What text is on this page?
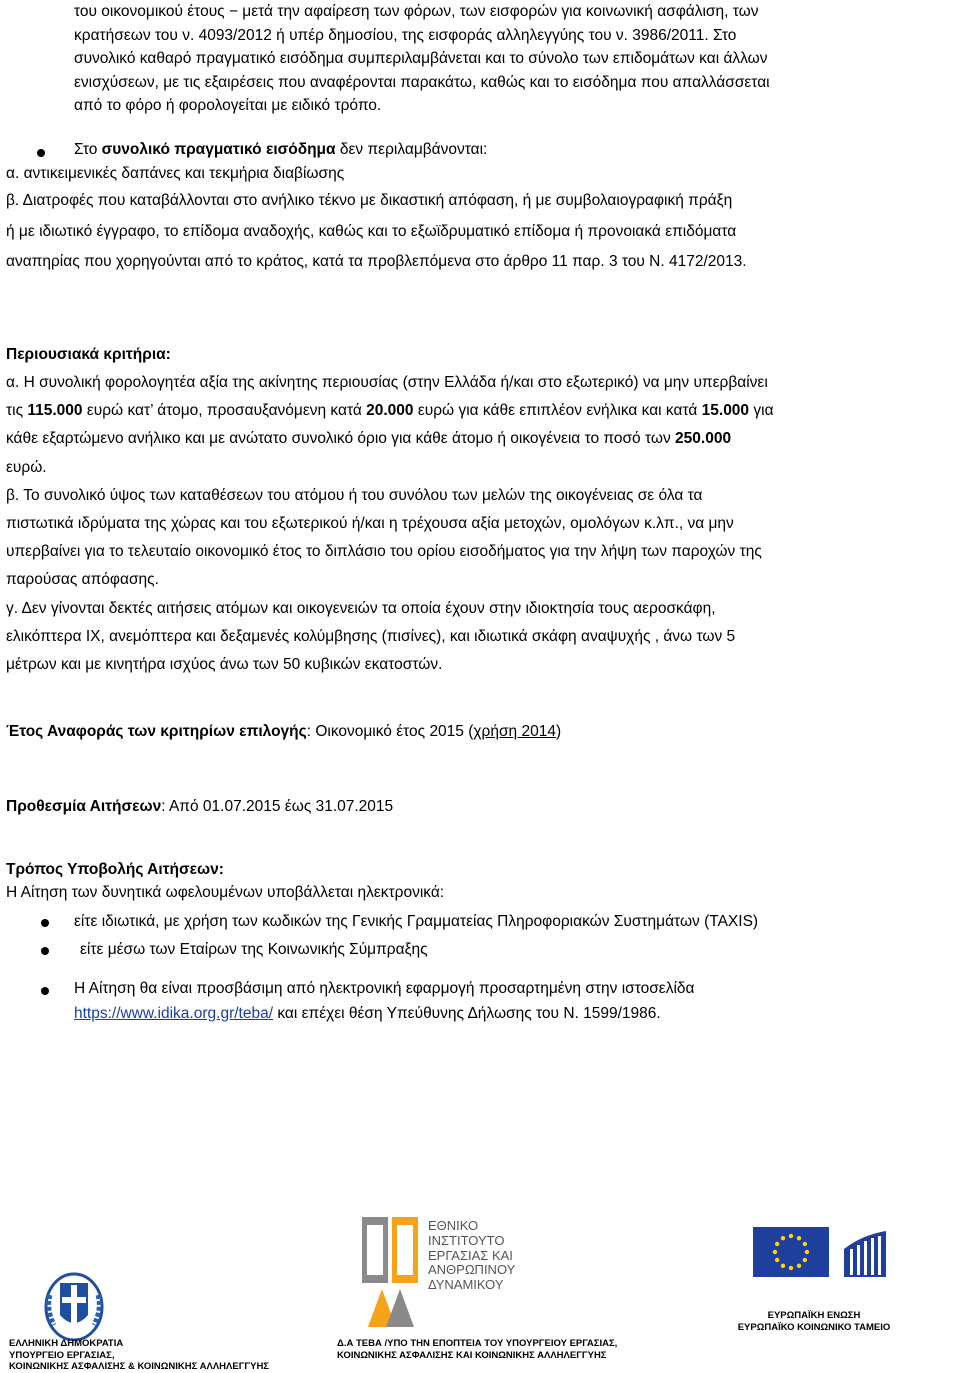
του οικονομικού έτους − μετά την αφαίρεση των φόρων, των εισφορών για κοινωνική ασφάλιση, των
κρατήσεων του ν. 4093/2012 ή υπέρ δημοσίου, της εισφοράς αλληλεγγύης του ν. 3986/2011. Στο
συνολικό καθαρό πραγματικό εισόδημα συμπεριλαμβάνεται και το σύνολο των επιδομάτων και άλλων
ενισχύσεων, με τις εξαιρέσεις που αναφέρονται παρακάτω, καθώς και το εισόδημα που απαλλάσσεται
από το φόρο ή φορολογείται με ειδικό τρόπο.
Στο συνολικό πραγματικό εισόδημα δεν περιλαμβάνονται:
α. αντικειμενικές δαπάνες και τεκμήρια διαβίωσης
β. Διατροφές που καταβάλλονται στο ανήλικο τέκνο με δικαστική απόφαση, ή με συμβολαιογραφική πράξη
ή με ιδιωτικό έγγραφο, το επίδομα αναδοχής, καθώς και το εξωϊδρυματικό επίδομα ή προνοιακά επιδόματα
αναπηρίας που χορηγούνται από το κράτος, κατά τα προβλεπόμενα στο άρθρο 11 παρ. 3 του Ν. 4172/2013.
Περιουσιακά κριτήρια:
α. Η συνολική φορολογητέα αξία της ακίνητης περιουσίας (στην Ελλάδα ή/και στο εξωτερικό) να μην υπερβαίνει
τις 115.000 ευρώ κατ’ άτομο, προσαυξανόμενη κατά 20.000 ευρώ για κάθε επιπλέον ενήλικα και κατά 15.000 για
κάθε εξαρτώμενο ανήλικο και με ανώτατο συνολικό όριο για κάθε άτομο ή οικογένεια το ποσό των 250.000
ευρώ.
β. Το συνολικό ύψος των καταθέσεων του ατόμου ή του συνόλου των μελών της οικογένειας σε όλα τα
πιστωτικά ιδρύματα της χώρας και του εξωτερικού ή/και η τρέχουσα αξία μετοχών, ομολόγων κ.λπ., να μην
υπερβαίνει για το τελευταίο οικονομικό έτος το διπλάσιο του ορίου εισοδήματος για την λήψη των παροχών της
παρούσας απόφασης.
γ. Δεν γίνονται δεκτές αιτήσεις ατόμων και οικογενειών τα οποία έχουν στην ιδιοκτησία τους αεροσκάφη,
ελικόπτερα ΙΧ, ανεμόπτερα και δεξαμενές κολύμβησης (πισίνες), και ιδιωτικά σκάφη αναψυχής , άνω των 5
μέτρων και με κινητήρα ισχύος άνω των 50 κυβικών εκατοστών.
Έτος Αναφοράς των κριτηρίων επιλογής: Οικονομικό έτος 2015 (χρήση 2014)
Προθεσμία Αιτήσεων: Από 01.07.2015 έως 31.07.2015
Τρόπος Υποβολής Αιτήσεων:
Η Αίτηση των δυνητικά ωφελουμένων υποβάλλεται ηλεκτρονικά:
είτε ιδιωτικά, με χρήση των κωδικών της Γενικής Γραμματείας Πληροφοριακών Συστημάτων (TAXIS)
είτε μέσω των Εταίρων της Κοινωνικής Σύμπραξης
Η Αίτηση θα είναι προσβάσιμη από ηλεκτρονική εφαρμογή προσαρτημένη στην ιστοσελίδα
https://www.idika.org.gr/teba/ και επέχει θέση Υπεύθυνης Δήλωσης του Ν. 1599/1986.
ΕΛΛΗΝΙΚΗ ΔΗΜΟΚΡΑΤΙΑ
ΥΠΟΥΡΓΕΙΟ ΕΡΓΑΣΙΑΣ,
ΚΟΙΝΩΝΙΚΗΣ ΑΣΦΑΛΙΣΗΣ & ΚΟΙΝΩΝΙΚΗΣ ΑΛΛΗΛΕΓΓΥΗΣ
ΕΘΝΙΚΟ
ΙΝΣΤΙΤΟΥΤΟ
ΕΡΓΑΣΙΑΣ ΚΑΙ
ΑΝΘΡΩΠΙΝΟΥ
ΔΥΝΑΜΙΚΟΥ
Δ.Α ΤΕΒΑ /ΥΠΟ ΤΗΝ ΕΠΟΠΤΕΙΑ ΤΟΥ ΥΠΟΥΡΓΕΙΟΥ ΕΡΓΑΣΙΑΣ,
ΚΟΙΝΩΝΙΚΗΣ ΑΣΦΑΛΙΣΗΣ ΚΑΙ ΚΟΙΝΩΝΙΚΗΣ ΑΛΛΗΛΕΓΓΥΗΣ
ΕΥΡΩΠΑΪΚΗ ΕΝΩΣΗ
ΕΥΡΩΠΑΪΚΟ ΚΟΙΝΩΝΙΚΟ ΤΑΜΕΙΟ
